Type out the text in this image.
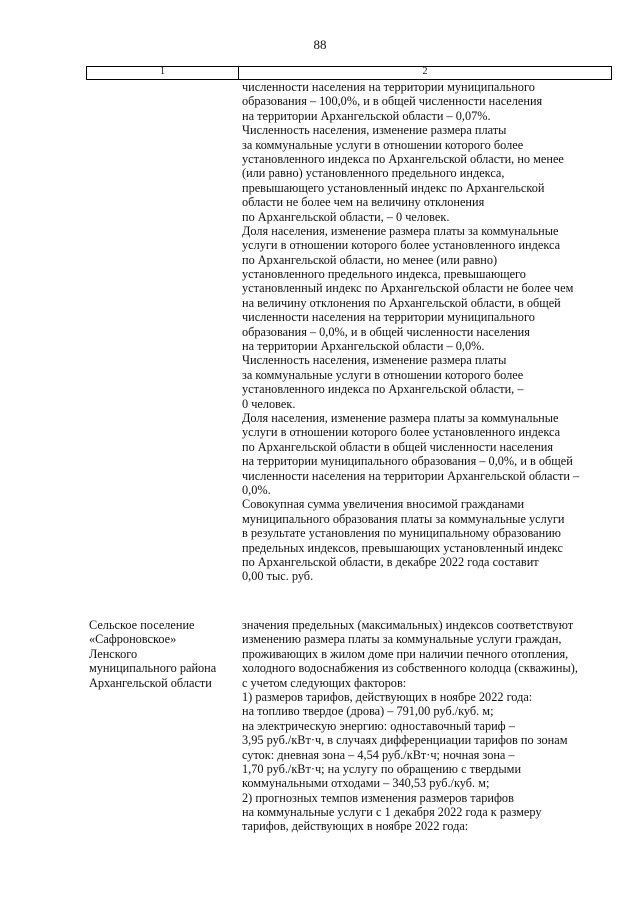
88
1	2
численности населения на территории муниципального
образования – 100,0%, и в общей численности населения
на территории Архангельской области – 0,07%.
Численность населения, изменение размера платы
за коммунальные услуги в отношении которого более
установленного индекса по Архангельской области, но менее
(или равно) установленного предельного индекса,
превышающего установленный индекс по Архангельской
области не более чем на величину отклонения
по Архангельской области, – 0 человек.
Доля населения, изменение размера платы за коммунальные
услуги в отношении которого более установленного индекса
по Архангельской области, но менее (или равно)
установленного предельного индекса, превышающего
установленный индекс по Архангельской области не более чем
на величину отклонения по Архангельской области, в общей
численности населения на территории муниципального
образования – 0,0%, и в общей численности населения
на территории Архангельской области – 0,0%.
Численность населения, изменение размера платы
за коммунальные услуги в отношении которого более
установленного индекса по Архангельской области, –
0 человек.
Доля населения, изменение размера платы за коммунальные
услуги в отношении которого более установленного индекса
по Архангельской области в общей численности населения
на территории муниципального образования – 0,0%, и в общей
численности населения на территории Архангельской области –
0,0%.
Совокупная сумма увеличения вносимой гражданами
муниципального образования платы за коммунальные услуги
в результате установления по муниципальному образованию
предельных индексов, превышающих установленный индекс
по Архангельской области, в декабре 2022 года составит
0,00 тыс. руб.
Сельское поселение
«Сафроновское»
Ленского
муниципального района
Архангельской области
значения предельных (максимальных) индексов соответствуют
изменению размера платы за коммунальные услуги граждан,
проживающих в жилом доме при наличии печного отопления,
холодного водоснабжения из собственного колодца (скважины),
с учетом следующих факторов:
1) размеров тарифов, действующих в ноябре 2022 года:
на топливо твердое (дрова) – 791,00 руб./куб. м;
на электрическую энергию: одноставочный тариф –
3,95 руб./кВт·ч, в случаях дифференциации тарифов по зонам
суток: дневная зона – 4,54 руб./кВт·ч; ночная зона –
1,70 руб./кВт·ч; на услугу по обращению с твердыми
коммунальными отходами – 340,53 руб./куб. м;
2) прогнозных темпов изменения размеров тарифов
на коммунальные услуги с 1 декабря 2022 года к размеру
тарифов, действующих в ноябре 2022 года:
